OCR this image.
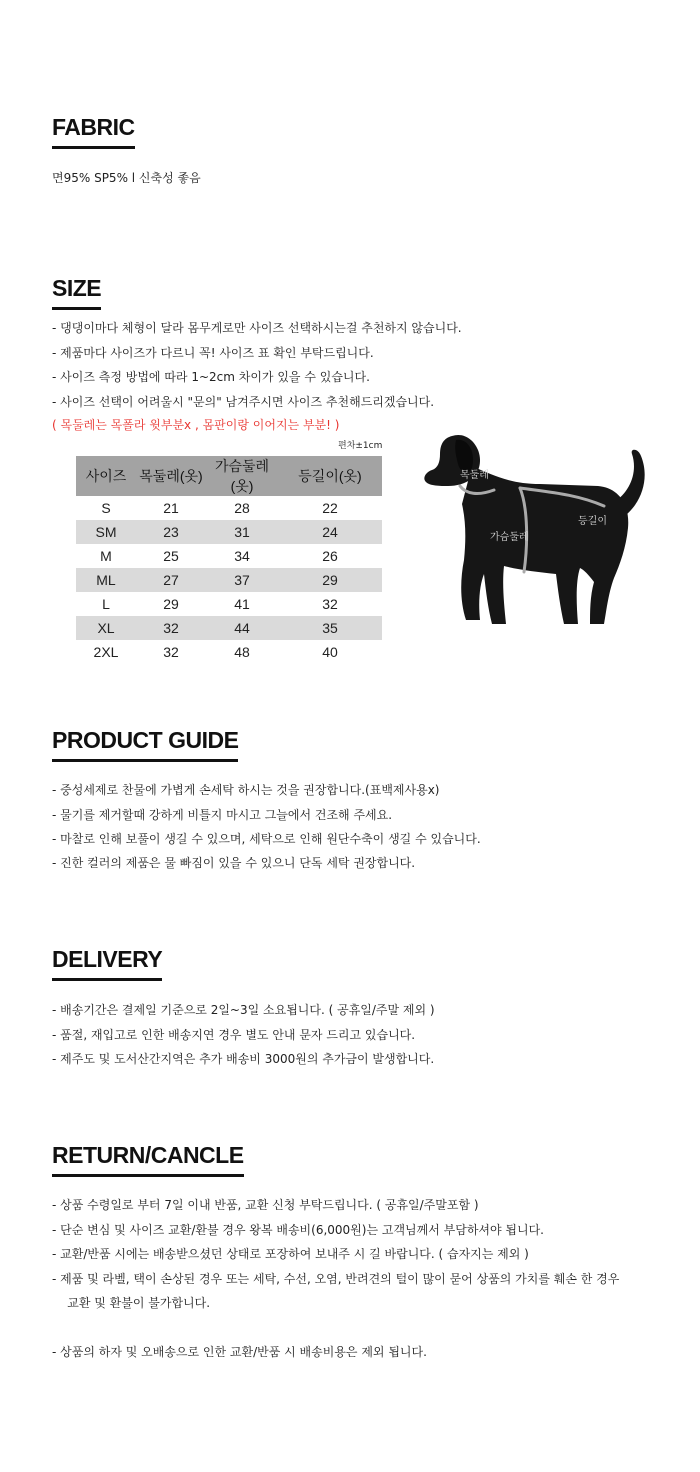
FABRIC

면95% SP5% l 신축성 좋음

SIZE

- 댕댕이마다 체형이 달라 몸무게로만 사이즈 선택하시는걸 추천하지 않습니다.

- 제품마다 사이즈가 다르니 꼭! 사이즈 표 확인 부탁드립니다.

- 사이즈 측정 방법에 따라 1~2cm 차이가 있을 수 있습니다.

- 사이즈 선택이 어려울시 "문의" 남겨주시면 사이즈 추천해드리겠습니다.

( 목둘레는 목폴라 윗부분x , 몸판이랑 이어지는 부분! )

편차±1cm
사이즈	목둘레(옷)	가슴둘레(옷)	등길이(옷)
S	21	28	22
SM	23	31	24
M	25	34	26
ML	27	37	29
L	29	41	32
XL	32	44	35
2XL	32	48	40
목둘레
가슴둘레
등길이
PRODUCT GUIDE

- 중성세제로 찬물에 가볍게 손세탁 하시는 것을 권장합니다.(표백제사용x)

- 물기를 제거할때 강하게 비틀지 마시고 그늘에서 건조해 주세요.

- 마찰로 인해 보풀이 생길 수 있으며, 세탁으로 인해 원단수축이 생길 수 있습니다.

- 진한 컬러의 제품은 물 빠짐이 있을 수 있으니 단독 세탁 권장합니다.

DELIVERY

- 배송기간은 결제일 기준으로 2일~3일 소요됩니다. ( 공휴일/주말 제외 )

- 품절, 재입고로 인한 배송지연 경우 별도 안내 문자 드리고 있습니다.

- 제주도 및 도서산간지역은 추가 배송비 3000원의 추가금이 발생합니다.

RETURN/CANCLE

- 상품 수령일로 부터 7일 이내 반품, 교환 신청 부탁드립니다. ( 공휴일/주말포함 )

- 단순 변심 및 사이즈 교환/환불 경우 왕복 배송비(6,000원)는 고객님께서 부담하셔야 됩니다.

- 교환/반품 시에는 배송받으셨던 상태로 포장하여 보내주 시 길 바랍니다. ( 습자지는 제외 )

- 제품 및 라벨, 택이 손상된 경우 또는 세탁, 수선, 오염, 반려견의 털이 많이 묻어 상품의 가치를 훼손 한 경우

교환 및 환불이 불가합니다.

- 상품의 하자 및 오배송으로 인한 교환/반품 시 배송비용은 제외 됩니다.
